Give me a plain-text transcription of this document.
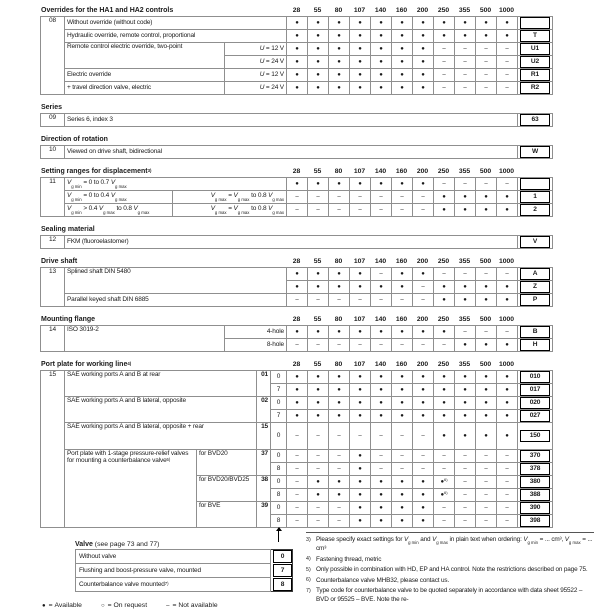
Overrides for the HA1 and HA2 controls	28	55	80	107	140	160	200	250	355	500	1000
08	Without override (without code)		●	●	●	●	●	●	●	●	●	●	●	

	Hydraulic override, remote control, proportional		●	●	●	●	●	●	●	●	●	●	●	T

	Remote control electric override, two-point	U = 12 V	●	●	●	●	●	●	●	–	–	–	–	U1

		U = 24 V	●	●	●	●	●	●	●	–	–	–	–	U2

	Electric override	U = 12 V	●	●	●	●	●	●	●	–	–	–	–	R1

	+ travel direction valve, electric	U = 24 V	●	●	●	●	●	●	●	–	–	–	–	R2
Series
09	Series 6, index 3	63
Direction of rotation
10	Viewed on drive shaft, bidirectional	W
Setting ranges for displacement$^{3)}$	28	55	80	107	140	160	200	250	355	500	1000
11	$V_{g min} = 0$ to 0.7 $V_{g max}$		●	●	●	●	●	●	●	–	–	–	–	

	$V_{g min} = 0$ to 0.4 $V_{g max}$	$V_{g max} = V_{g max}$ to 0.8 $V_{g max}$	–	–	–	–	–	–	–	●	●	●	●	1

	$V_{g min} > 0.4$ $V_{g max}$ to 0.8 $V_{g max}$	$V_{g max} = V_{g max}$ to 0.8 $V_{g max}$	–	–	–	–	–	–	–	●	●	●	●	2
Sealing material
12	FKM (fluoroelastomer)	V
Drive shaft	28	55	80	107	140	160	200	250	355	500	1000
13	Splined shaft DIN 5480	●	●	●	●	–	●	●	–	–	–	–	A

		●	●	●	●	●	●	–	●	●	●	●	Z

	Parallel keyed shaft DIN 6885	–	–	–	–	–	–	–	●	●	●	●	P
Mounting flange	28	55	80	107	140	160	200	250	355	500	1000
14	ISO 3019-2	4-hole	●	●	●	●	●	●	●	●	–	–	–	B

		8-hole	–	–	–	–	–	–	–	–	●	●	●	H
Port plate for working line$^{4)}$	28	55	80	107	140	160	200	250	355	500	1000
15	SAE working ports A and B at rear		01	0	●	●	●	●	●	●	●	●	●	●	●	010

				7	●	●	●	●	●	●	●	●	●	●	●	017

	SAE working ports A and B lateral, opposite		02	0	●	●	●	●	●	●	●	●	●	●	●	020

				7	●	●	●	●	●	●	●	●	●	●	●	027

	SAE working ports A and B lateral, opposite + rear		15	0	–	–	–	–	–	–	–	●	●	●	●	150

	Port plate with 1-stage pressure-relief valves for mounting a counterbalance valve$^{5)}$	for BVD20	37	0	–	–	–	●	–	–	–	–	–	–	–	370

				8	–	–	–	●	–	–	–	–	–	–	–	378

		for BVD20/BVD25	38	0	–	●	●	●	●	●	●	●$^{6)}$	–	–	–	380

				8	–	●	●	●	●	●	●	●$^{6)}$	–	–	–	388

		for BVE	39	0	–	–	–	●	●	●	●	–	–	–	–	390

				8	–	–	–	●	●	●	●	–	–	–	–	398
Valve (see page 73 and 77)
Without valve	0

Flushing and boost-pressure valve, mounted	7

Counterbalance valve mounted$^{7)}$	8
● = Available	○ = On request	– = Not available
3) Please specify exact settings for $V_{g min}$ and $V_{g max}$ in plain text when ordering: $V_{g min}$ = ... cm³, $V_{g max}$ = ... cm³
4) Fastening thread, metric
5) Only possible in combination with HD, EP and HA control. Note the restrictions described on page 75.
6) Counterbalance valve MHB32, please contact us.
7) Type code for counterbalance valve to be quoted separately in accordance with data sheet 95522 – BVD or 95525 – BVE. Note the re-
